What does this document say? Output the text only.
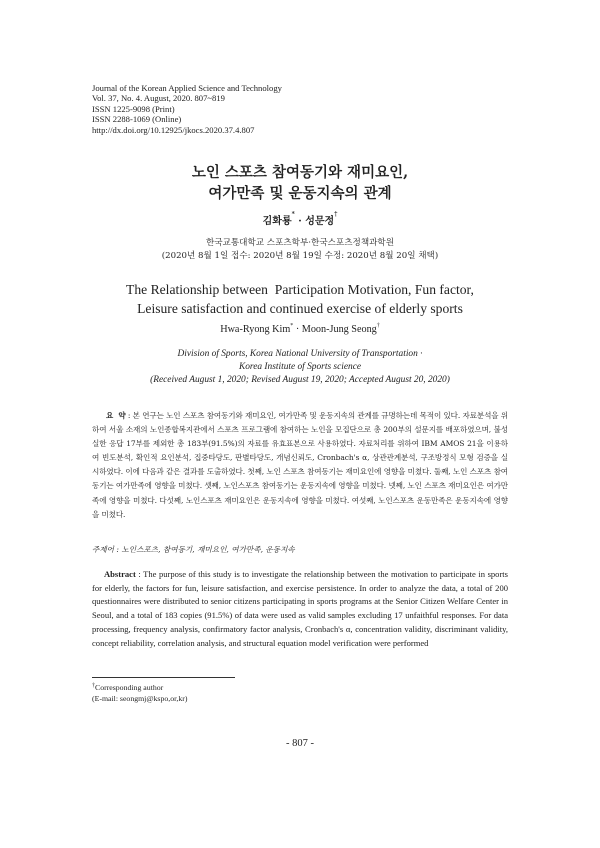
Journal of the Korean Applied Science and Technology
Vol. 37, No. 4. August, 2020. 807~819
ISSN 1225-9098 (Print)
ISSN 2288-1069 (Online)
http://dx.doi.org/10.12925/jkocs.2020.37.4.807
노인 스포츠 참여동기와 재미요인,
여가만족 및 운동지속의 관계
김화룡* · 성문정†
한국교통대학교 스포츠학부·한국스포츠정책과학원
(2020년 8월 1일 접수: 2020년 8월 19일 수정: 2020년 8월 20일 채택)
The Relationship between  Participation Motivation, Fun factor,
Leisure satisfaction and continued exercise of elderly sports
Hwa-Ryong Kim* · Moon-Jung Seong†
Division of Sports, Korea National University of Transportation ·
Korea Institute of Sports science
(Received August 1, 2020; Revised August 19, 2020; Accepted August 20, 2020)
요  약 : 본 연구는 노인 스포츠 참여동기와 재미요인, 여가만족 및 운동지속의 관계를 규명하는데 목적이 있다. 자료분석을 위하여 서울 소재의 노인종합복지관에서 스포츠 프로그램에 참여하는 노인을 모집단으로 총 200부의 설문지를 배포하였으며, 불성실한 응답 17부를 제외한 총 183부(91.5%)의 자료를 유효표본으로 사용하였다. 자료처리를 위하여 IBM AMOS 21을 이용하여 빈도분석, 확인적 요인분석, 집중타당도, 판별타당도, 개념신뢰도, Cronbach's α, 상관관계분석, 구조방정식 모형 검증을 실시하였다. 이에 다음과 같은 결과를 도출하였다. 첫째, 노인 스포츠 참여동기는 재미요인에 영향을 미쳤다. 둘째, 노인 스포츠 참여동기는 여가만족에 영향을 미쳤다. 셋째, 노인스포츠 참여동기는 운동지속에 영향을 미쳤다. 넷째, 노인 스포츠 재미요인은 여가만족에 영향을 미쳤다. 다섯째, 노인스포츠 재미요인은 운동지속에 영향을 미쳤다. 여섯째, 노인스포츠 운동만족은 운동지속에 영향을 미쳤다.
주제어 : 노인스포츠, 참여동기, 재미요인, 여가만족, 운동지속
Abstract : The purpose of this study is to investigate the relationship between the motivation to participate in sports for elderly, the factors for fun, leisure satisfaction, and exercise persistence. In order to analyze the data, a total of 200 questionnaires were distributed to senior citizens participating in sports programs at the Senior Citizen Welfare Center in Seoul, and a total of 183 copies (91.5%) of data were used as valid samples excluding 17 unfaithful responses. For data processing, frequency analysis, confirmatory factor analysis, Cronbach's α, concentration validity, discriminant validity, concept reliability, correlation analysis, and structural equation model verification were performed
†Corresponding author
(E-mail: seongmj@kspo,or,kr)
- 807 -
